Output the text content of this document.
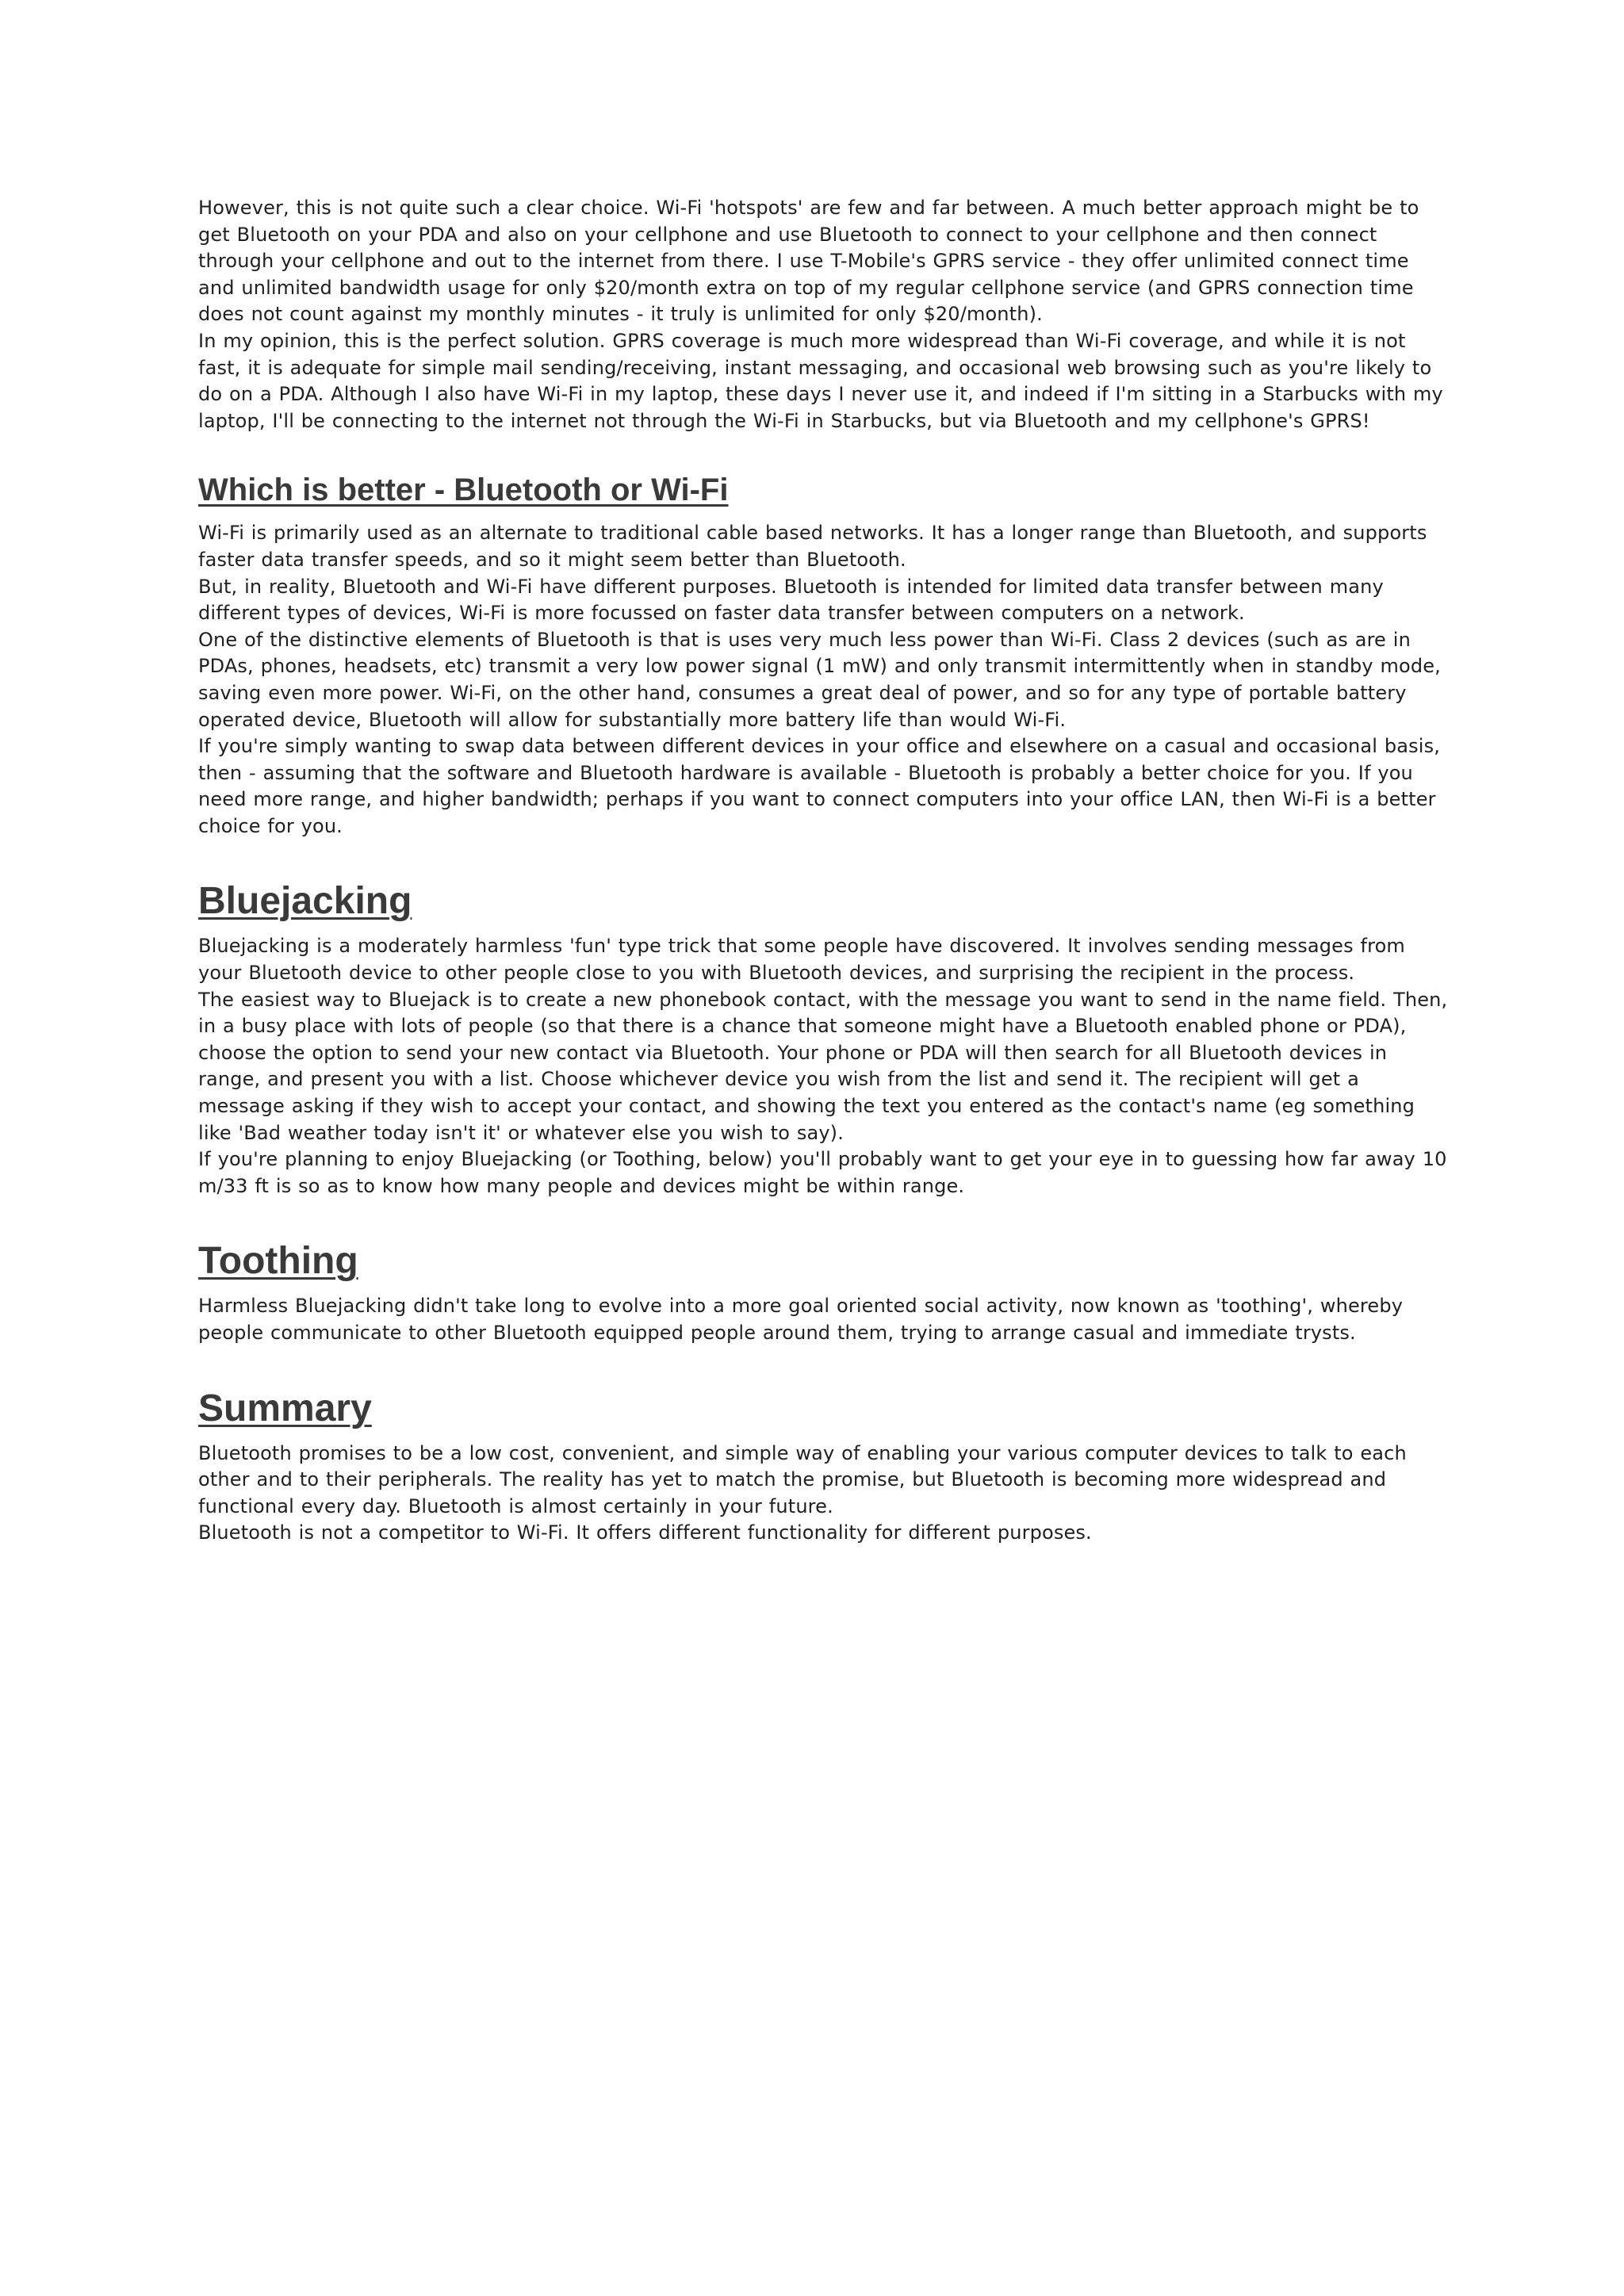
However, this is not quite such a clear choice. Wi-Fi 'hotspots' are few and far between. A much better approach might be to get Bluetooth on your PDA and also on your cellphone and use Bluetooth to connect to your cellphone and then connect through your cellphone and out to the internet from there. I use T-Mobile's GPRS service - they offer unlimited connect time and unlimited bandwidth usage for only $20/month extra on top of my regular cellphone service (and GPRS connection time does not count against my monthly minutes - it truly is unlimited for only $20/month).

In my opinion, this is the perfect solution. GPRS coverage is much more widespread than Wi-Fi coverage, and while it is not fast, it is adequate for simple mail sending/receiving, instant messaging, and occasional web browsing such as you're likely to do on a PDA. Although I also have Wi-Fi in my laptop, these days I never use it, and indeed if I'm sitting in a Starbucks with my laptop, I'll be connecting to the internet not through the Wi-Fi in Starbucks, but via Bluetooth and my cellphone's GPRS!

Which is better - Bluetooth or Wi-Fi

Wi-Fi is primarily used as an alternate to traditional cable based networks. It has a longer range than Bluetooth, and supports faster data transfer speeds, and so it might seem better than Bluetooth.

But, in reality, Bluetooth and Wi-Fi have different purposes. Bluetooth is intended for limited data transfer between many different types of devices, Wi-Fi is more focussed on faster data transfer between computers on a network.

One of the distinctive elements of Bluetooth is that is uses very much less power than Wi-Fi. Class 2 devices (such as are in PDAs, phones, headsets, etc) transmit a very low power signal (1 mW) and only transmit intermittently when in standby mode, saving even more power. Wi-Fi, on the other hand, consumes a great deal of power, and so for any type of portable battery operated device, Bluetooth will allow for substantially more battery life than would Wi-Fi.

If you're simply wanting to swap data between different devices in your office and elsewhere on a casual and occasional basis, then - assuming that the software and Bluetooth hardware is available - Bluetooth is probably a better choice for you. If you need more range, and higher bandwidth; perhaps if you want to connect computers into your office LAN, then Wi-Fi is a better choice for you.

Bluejacking

Bluejacking is a moderately harmless 'fun' type trick that some people have discovered. It involves sending messages from your Bluetooth device to other people close to you with Bluetooth devices, and surprising the recipient in the process.

The easiest way to Bluejack is to create a new phonebook contact, with the message you want to send in the name field. Then, in a busy place with lots of people (so that there is a chance that someone might have a Bluetooth enabled phone or PDA), choose the option to send your new contact via Bluetooth. Your phone or PDA will then search for all Bluetooth devices in range, and present you with a list. Choose whichever device you wish from the list and send it. The recipient will get a message asking if they wish to accept your contact, and showing the text you entered as the contact's name (eg something like 'Bad weather today isn't it' or whatever else you wish to say).

If you're planning to enjoy Bluejacking (or Toothing, below) you'll probably want to get your eye in to guessing how far away 10 m/33 ft is so as to know how many people and devices might be within range.

Toothing

Harmless Bluejacking didn't take long to evolve into a more goal oriented social activity, now known as 'toothing', whereby people communicate to other Bluetooth equipped people around them, trying to arrange casual and immediate trysts.

Summary

Bluetooth promises to be a low cost, convenient, and simple way of enabling your various computer devices to talk to each other and to their peripherals. The reality has yet to match the promise, but Bluetooth is becoming more widespread and functional every day. Bluetooth is almost certainly in your future.

Bluetooth is not a competitor to Wi-Fi. It offers different functionality for different purposes.
